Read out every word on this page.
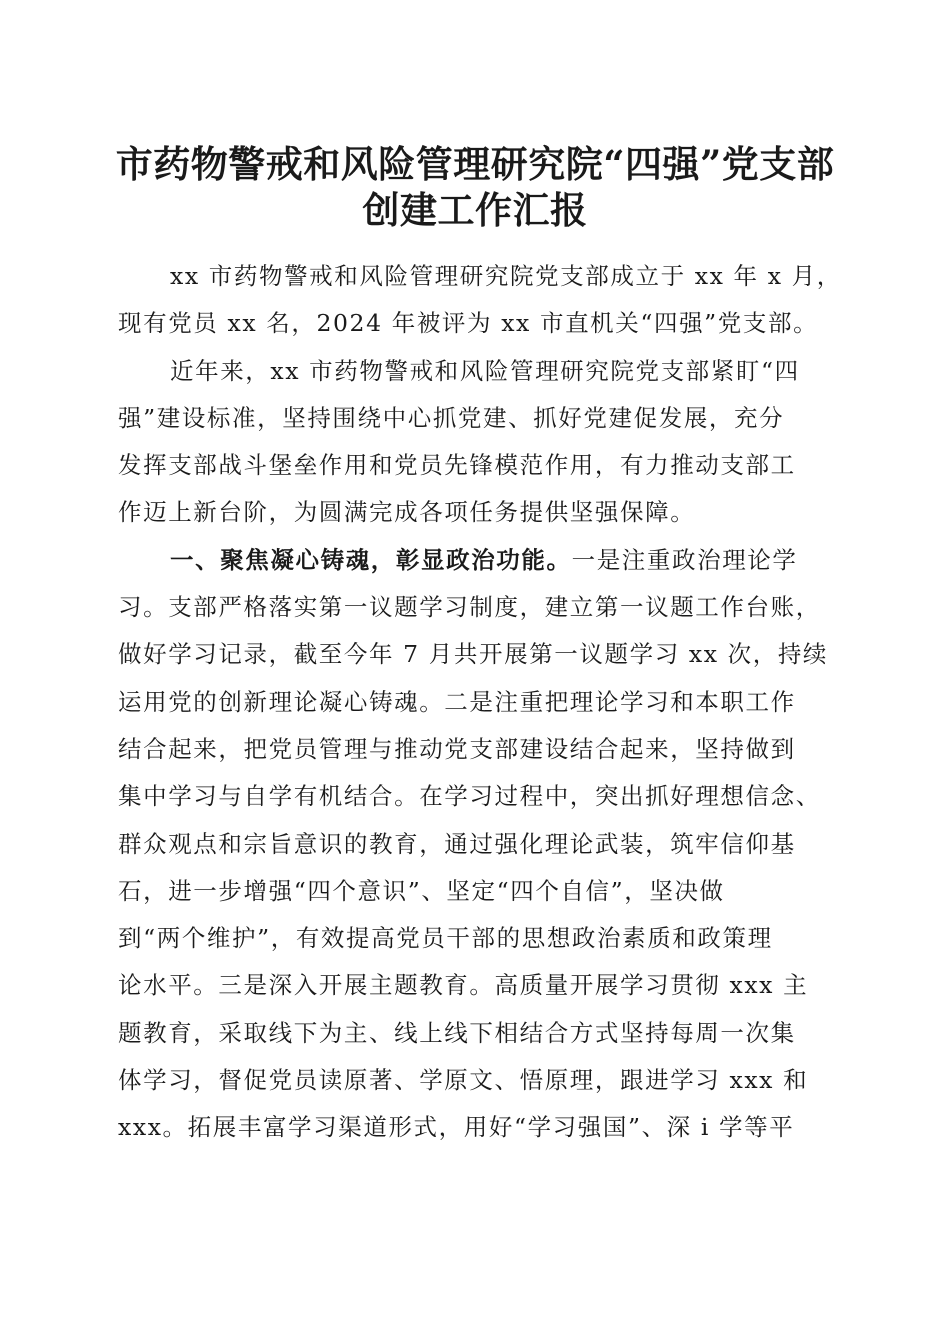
市药物警戒和风险管理研究院“四强”党支部
创建工作汇报
xx 市药物警戒和风险管理研究院党支部成立于 xx 年 x 月，
现有党员 xx 名，2024 年被评为 xx 市直机关“四强”党支部。
近年来，xx 市药物警戒和风险管理研究院党支部紧盯“四
强”建设标准，坚持围绕中心抓党建、抓好党建促发展，充分
发挥支部战斗堡垒作用和党员先锋模范作用，有力推动支部工
作迈上新台阶，为圆满完成各项任务提供坚强保障。
一、聚焦凝心铸魂，彰显政治功能。一是注重政治理论学
习。支部严格落实第一议题学习制度，建立第一议题工作台账，
做好学习记录，截至今年 7 月共开展第一议题学习 xx 次，持续
运用党的创新理论凝心铸魂。二是注重把理论学习和本职工作
结合起来，把党员管理与推动党支部建设结合起来，坚持做到
集中学习与自学有机结合。在学习过程中，突出抓好理想信念、
群众观点和宗旨意识的教育，通过强化理论武装，筑牢信仰基
石，进一步增强“四个意识”、坚定“四个自信”，坚决做
到“两个维护”，有效提高党员干部的思想政治素质和政策理
论水平。三是深入开展主题教育。高质量开展学习贯彻 xxx 主
题教育，采取线下为主、线上线下相结合方式坚持每周一次集
体学习，督促党员读原著、学原文、悟原理，跟进学习 xxx 和
xxx。拓展丰富学习渠道形式，用好“学习强国”、深 i 学等平
